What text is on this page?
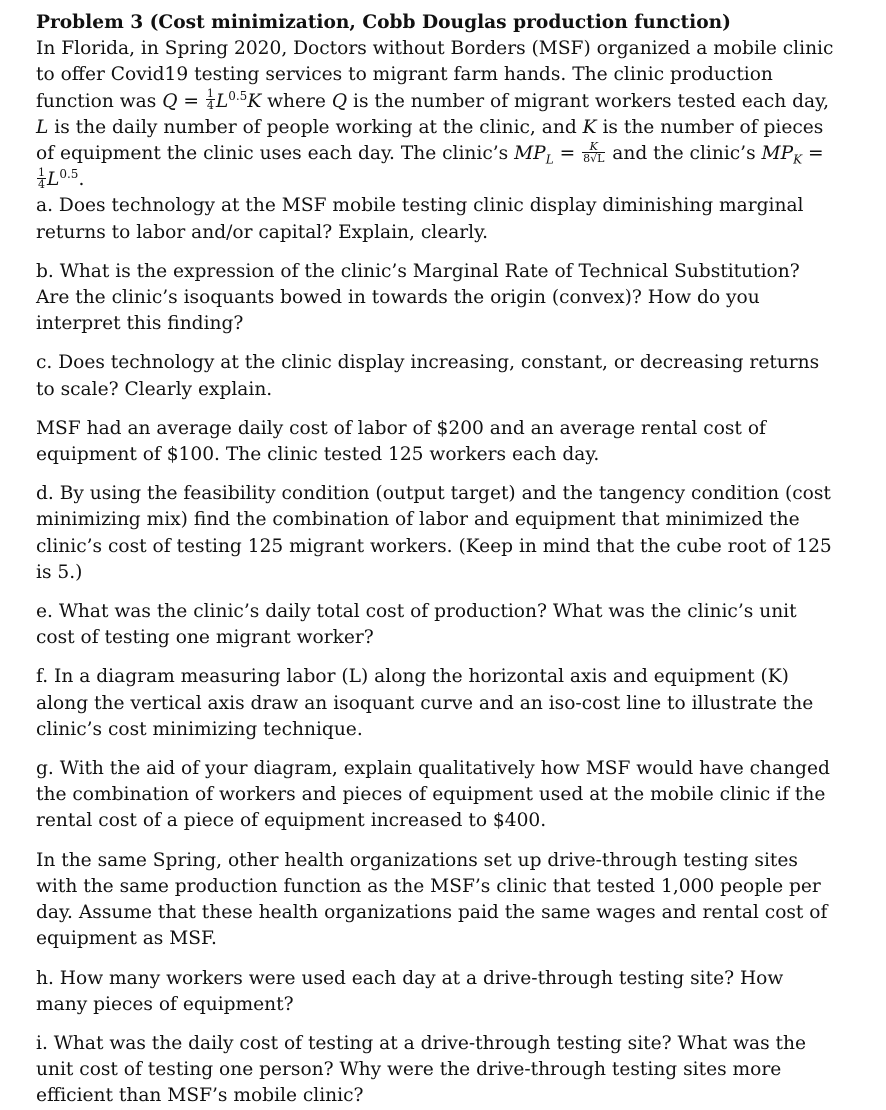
Problem 3 (Cost minimization, Cobb Douglas production function)

In Florida, in Spring 2020, Doctors without Borders (MSF) organized a mobile clinic to offer Covid19 testing services to migrant farm hands. The clinic production function was $Q = \frac{1}{4} L^{0.5}K$ where Q is the number of migrant workers tested each day, L is the daily number of people working at the clinic, and K is the number of pieces of equipment the clinic uses each day. The clinic’s $MP_L = \frac{K}{8√L}$ and the clinic’s $MP_K$ =
$\frac{1}{4} L^{0.5}$.

a. Does technology at the MSF mobile testing clinic display diminishing marginal returns to labor and/or capital? Explain, clearly.

b. What is the expression of the clinic’s Marginal Rate of Technical Substitution? Are the clinic’s isoquants bowed in towards the origin (convex)? How do you interpret this finding?

c. Does technology at the clinic display increasing, constant, or decreasing returns to scale? Clearly explain.

MSF had an average daily cost of labor of $200 and an average rental cost of equipment of $100. The clinic tested 125 workers each day.

d. By using the feasibility condition (output target) and the tangency condition (cost minimizing mix) find the combination of labor and equipment that minimized the clinic’s cost of testing 125 migrant workers. (Keep in mind that the cube root of 125 is 5.)

e. What was the clinic’s daily total cost of production? What was the clinic’s unit cost of testing one migrant worker?

f. In a diagram measuring labor (L) along the horizontal axis and equipment (K) along the vertical axis draw an isoquant curve and an iso-cost line to illustrate the clinic’s cost minimizing technique.

g. With the aid of your diagram, explain qualitatively how MSF would have changed the combination of workers and pieces of equipment used at the mobile clinic if the rental cost of a piece of equipment increased to $400.

In the same Spring, other health organizations set up drive-through testing sites with the same production function as the MSF’s clinic that tested 1,000 people per day. Assume that these health organizations paid the same wages and rental cost of equipment as MSF.

h. How many workers were used each day at a drive-through testing site? How many pieces of equipment?

i. What was the daily cost of testing at a drive-through testing site? What was the unit cost of testing one person? Why were the drive-through testing sites more efficient than MSF’s mobile clinic?
